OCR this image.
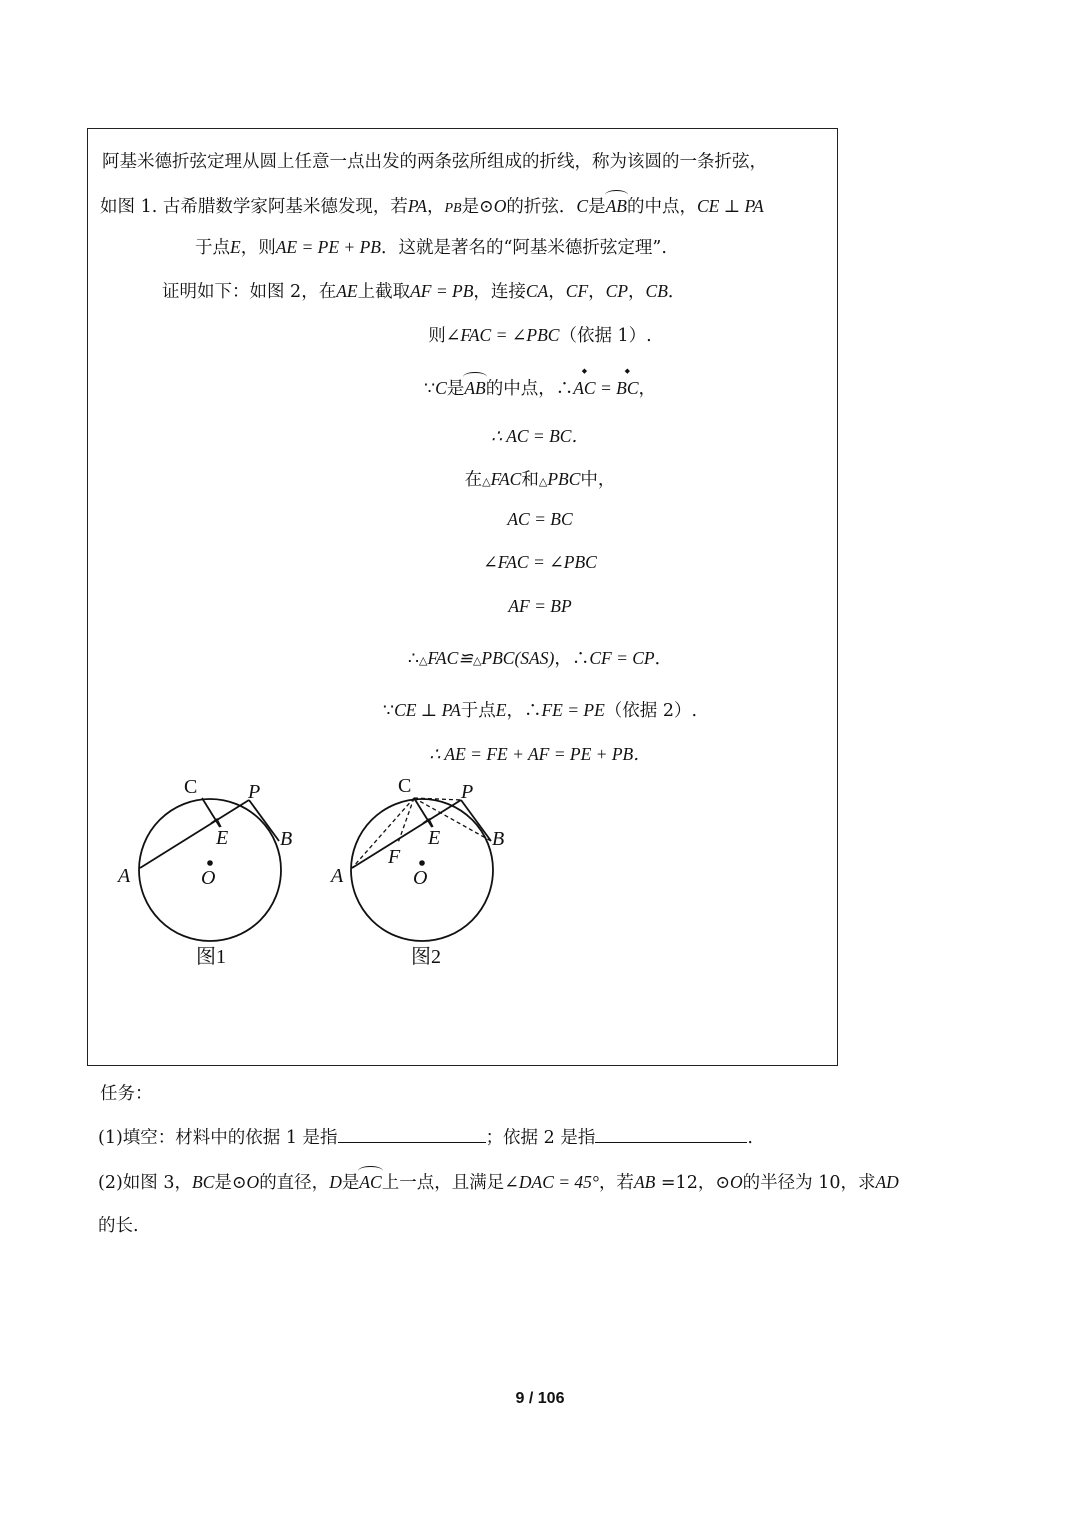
阿基米德折弦定理从圆上任意一点出发的两条弦所组成的折线，称为该圆的一条折弦，
如图 1. 古希腊数学家阿基米德发现，若PA，PB是⊙O的折弦．C是AB的中点，CE ⊥ PA
于点E，则AE = PE + PB．这就是著名的“阿基米德折弦定理”.
证明如下：如图 2，在AE上截取AF = PB，连接CA，CF，CP，CB．
则∠FAC = ∠PBC（依据 1）.
∵C是AB的中点，∴◆ AC = ◆ BC，
∴ AC = BC．
在△FAC和△PBC中，
AC = BC
∠FAC = ∠PBC
AF = BP
∴△FAC≌△PBC(SAS)，∴CF = CP．
∵CE ⊥ PA于点E，∴FE = PE（依据 2）.
∴ AE = FE + AF = PE + PB．
C	P
B
E
A	O
图1
C P
B
E
F
A	O
图2
任务：
(1)填空：材料中的依据 1 是指	；依据 2 是指	.
(2)如图 3，BC是⊙O的直径，D是AC上一点，且满足∠DAC = 45°，若AB =12，⊙O的半径为 10，求AD
的长.
9 / 106
